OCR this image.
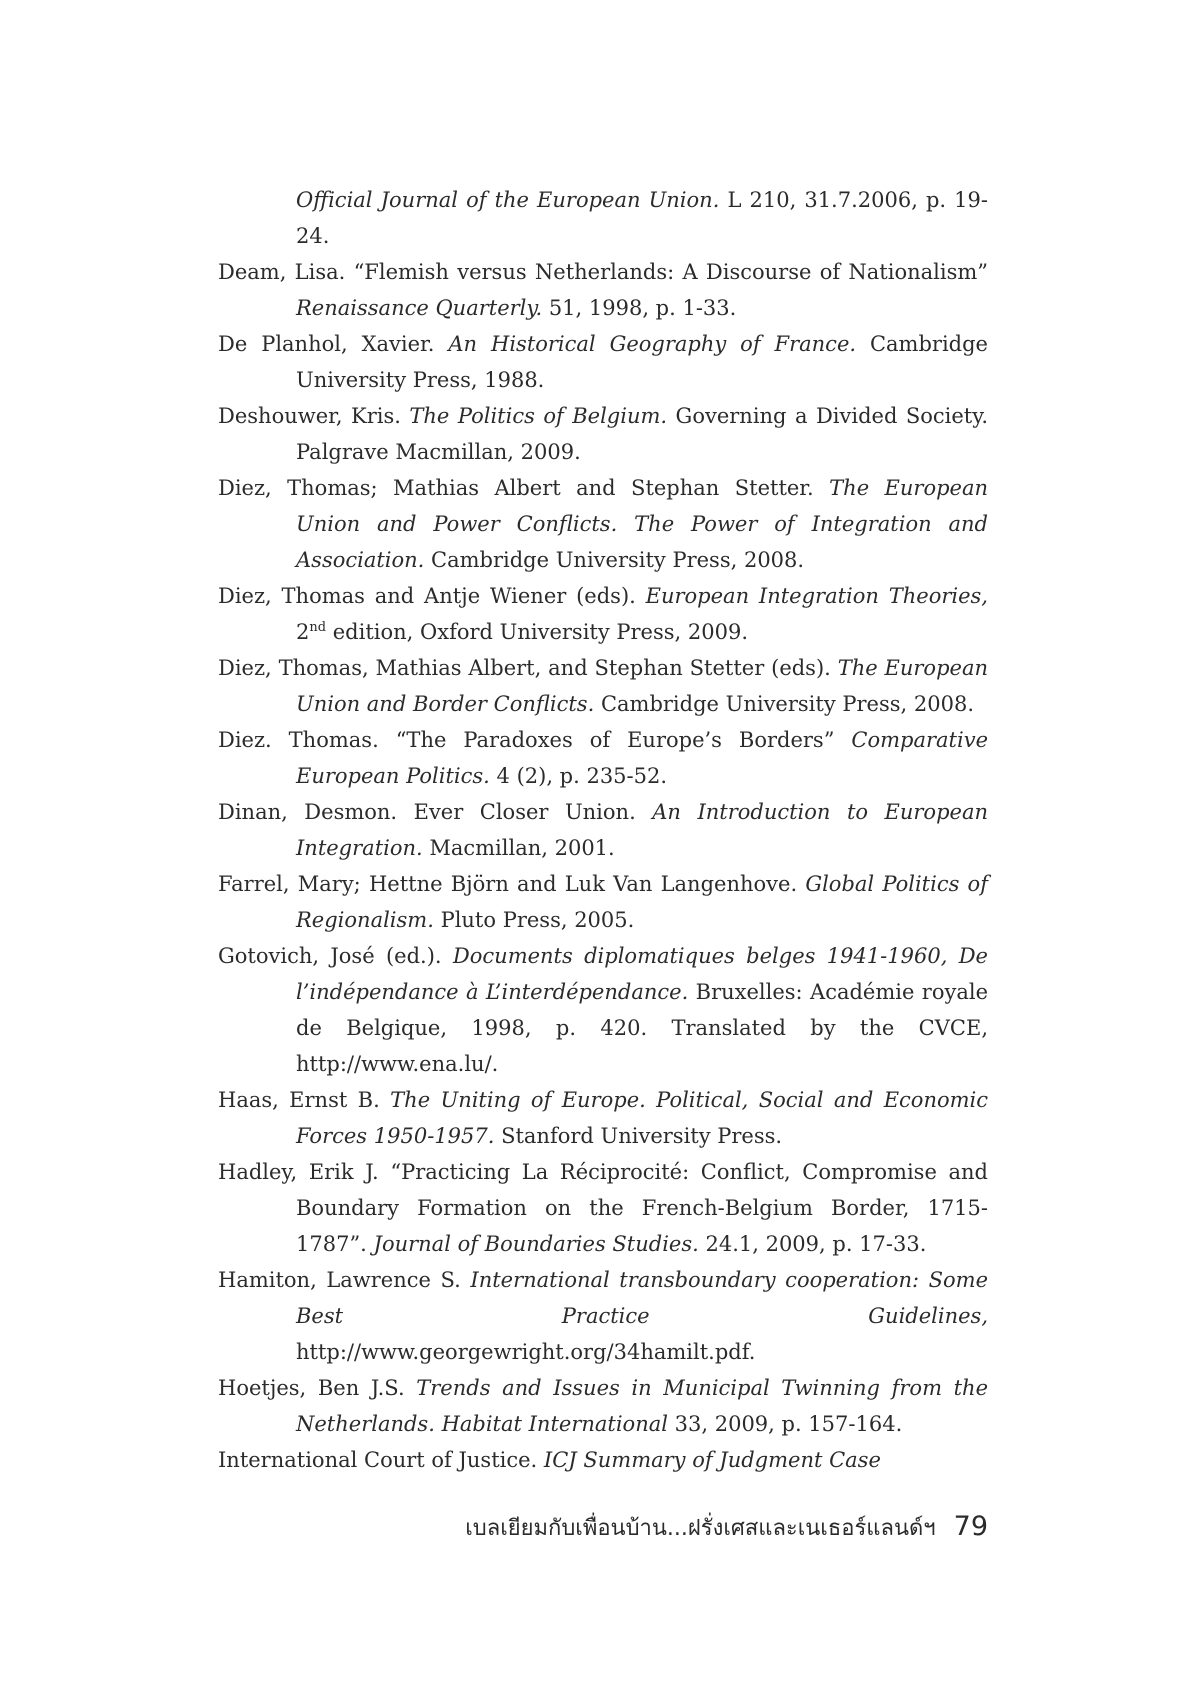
Official Journal of the European Union. L 210, 31.7.2006, p. 19-24.

Deam, Lisa. “Flemish versus Netherlands: A Discourse of Nationalism” Renaissance Quarterly. 51, 1998, p. 1-33.

De Planhol, Xavier. An Historical Geography of France. Cambridge University Press, 1988.

Deshouwer, Kris. The Politics of Belgium. Governing a Divided Society. Palgrave Macmillan, 2009.

Diez, Thomas; Mathias Albert and Stephan Stetter. The European Union and Power Conflicts. The Power of Integration and Association. Cambridge University Press, 2008.

Diez, Thomas and Antje Wiener (eds). European Integration Theories, 2nd edition, Oxford University Press, 2009.

Diez, Thomas, Mathias Albert, and Stephan Stetter (eds). The European Union and Border Conflicts. Cambridge University Press, 2008.

Diez. Thomas. “The Paradoxes of Europe’s Borders” Comparative European Politics. 4 (2), p. 235-52.

Dinan, Desmon. Ever Closer Union. An Introduction to European Integration. Macmillan, 2001.

Farrel, Mary; Hettne Björn and Luk Van Langenhove. Global Politics of Regionalism. Pluto Press, 2005.

Gotovich, José (ed.). Documents diplomatiques belges 1941-1960, De l’indépendance à L’interdépendance. Bruxelles: Académie royale de Belgique, 1998, p. 420. Translated by the CVCE, http://www.ena.lu/.

Haas, Ernst B. The Uniting of Europe. Political, Social and Economic Forces 1950-1957. Stanford University Press.

Hadley, Erik J. “Practicing La Réciprocité: Conflict, Compromise and Boundary Formation on the French-Belgium Border, 1715-1787”. Journal of Boundaries Studies. 24.1, 2009, p. 17-33.

Hamiton, Lawrence S. International transboundary cooperation: Some Best Practice Guidelines, http://www.georgewright.org/34hamilt.pdf.

Hoetjes, Ben J.S. Trends and Issues in Municipal Twinning from the Netherlands. Habitat International 33, 2009, p. 157-164.

International Court of Justice. ICJ Summary of Judgment Case

เบลเยียมกับเพื่อนบ้าน...ฝรั่งเศสและเนเธอร์แลนด์ฯ 79
